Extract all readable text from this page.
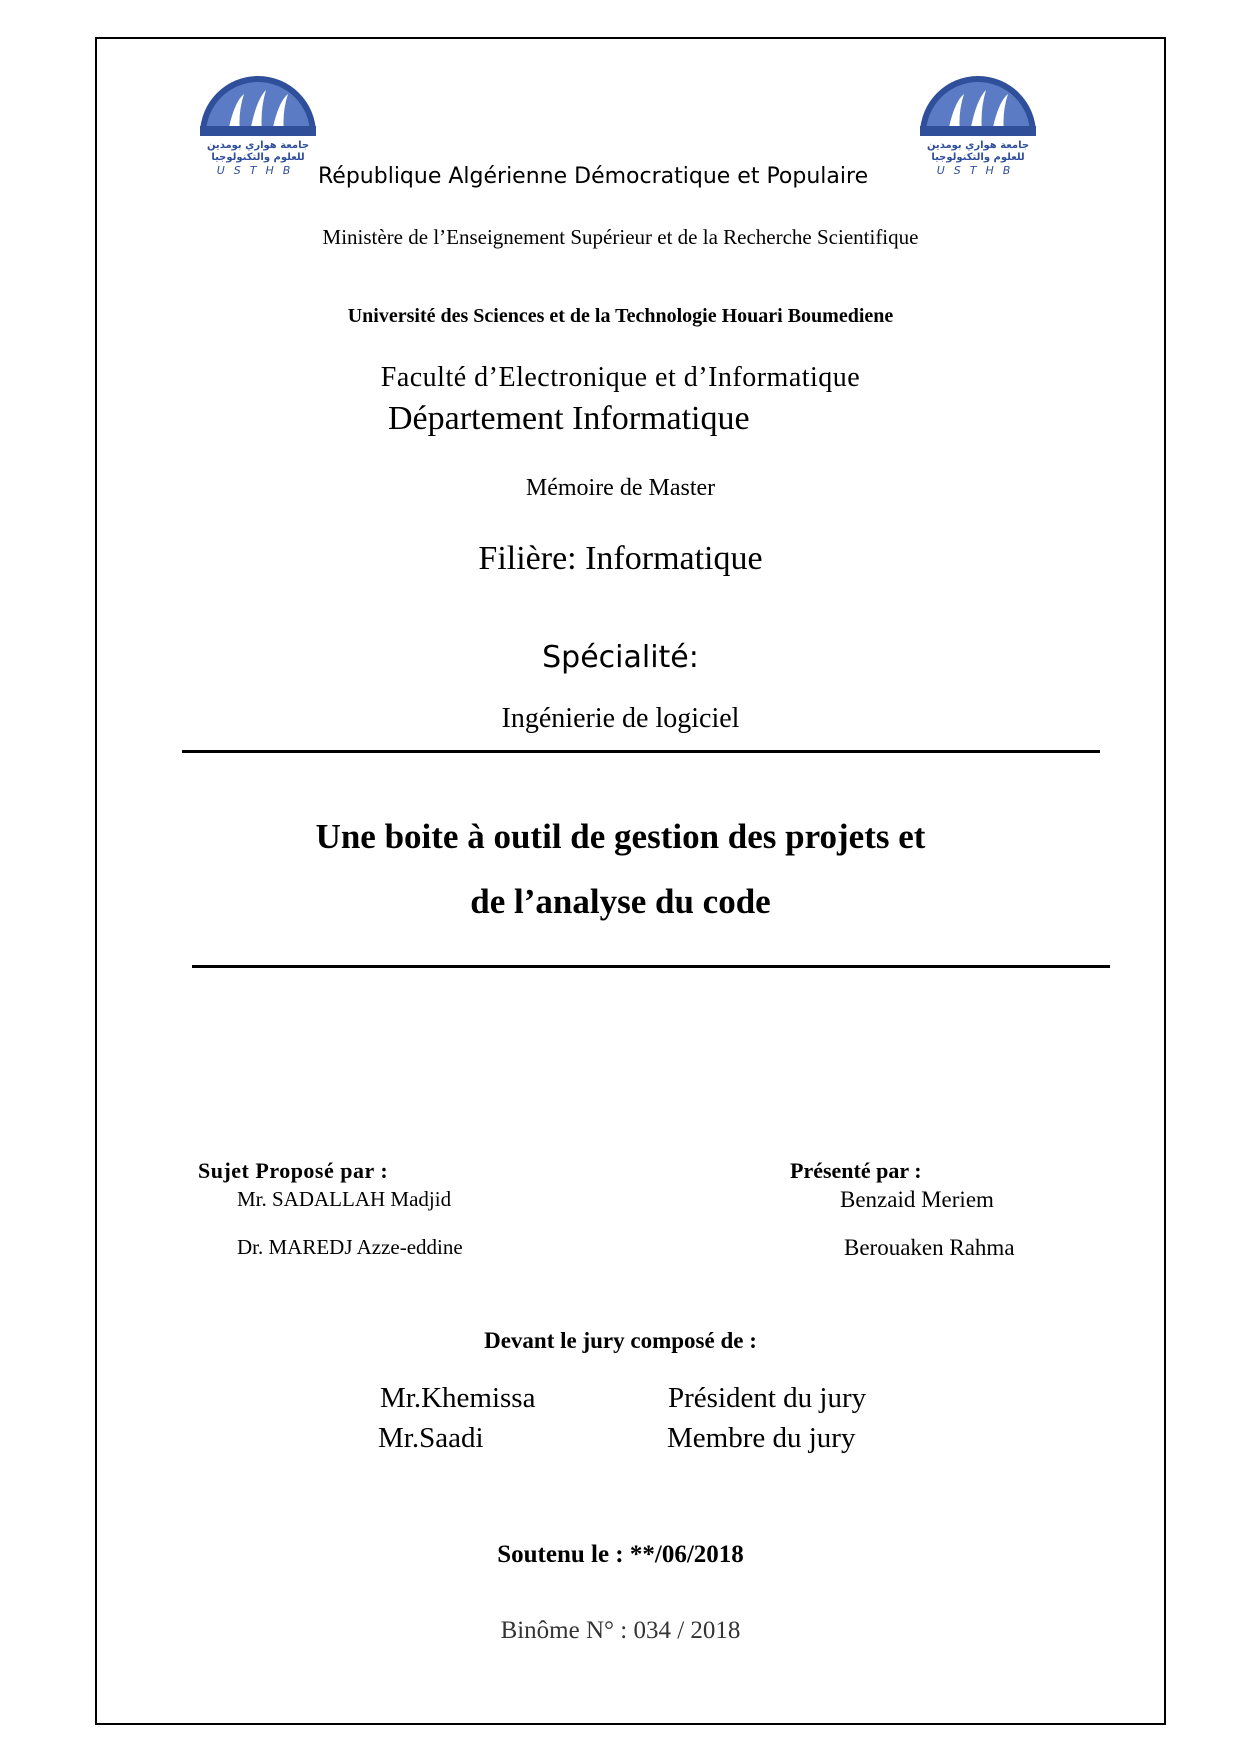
جامعة هواري بومدين
للعلوم والتكنولوجيا
USTHB
جامعة هواري بومدين
للعلوم والتكنولوجيا
USTHB
République Algérienne Démocratique et Populaire
Ministère de l’Enseignement Supérieur et de la Recherche Scientifique
Université des Sciences et de la Technologie Houari Boumediene
Faculté d’Electronique et d’Informatique
Département Informatique
Mémoire de Master
Filière: Informatique
Spécialité:
Ingénierie de logiciel
Une boite à outil de gestion des projets et
de l’analyse du code
Sujet Proposé par :
Mr. SADALLAH Madjid
Dr. MAREDJ Azze-eddine
Présenté par :
Benzaid Meriem
Berouaken Rahma
Devant le jury composé de :
Mr.Khemissa	Président du jury
Mr.Saadi	Membre du jury
Soutenu le : **/06/2018
Binôme N° : 034 / 2018
